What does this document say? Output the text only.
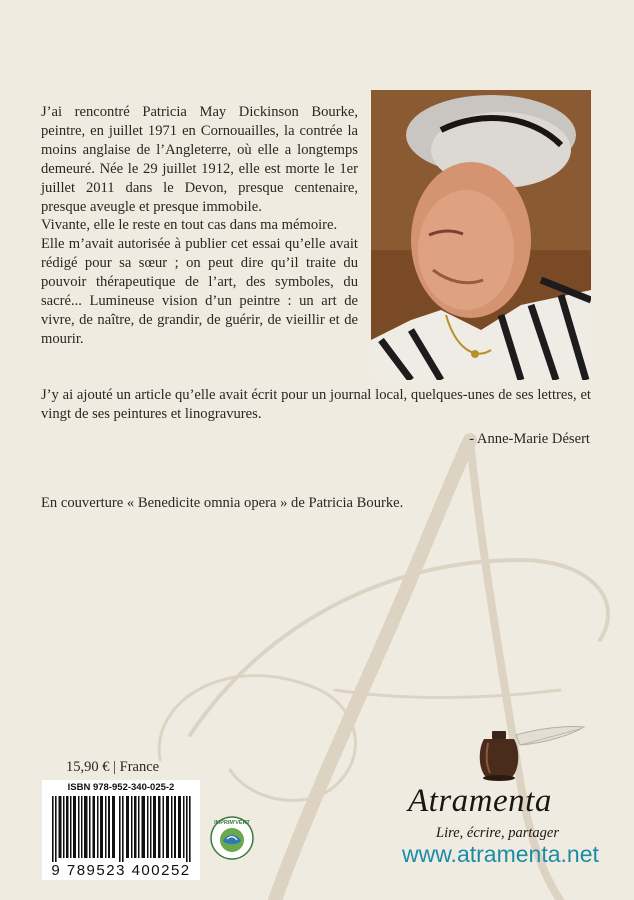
J’ai rencontré Patricia May Dickinson Bourke, peintre, en juillet 1971 en Cornouailles, la contrée la moins anglaise de l’Angleterre, où elle a longtemps demeuré. Née le 29 juillet 1912, elle est morte le 1er juillet 2011 dans le Devon, presque centenaire, presque aveugle et presque immobile.

Vivante, elle le reste en tout cas dans ma mémoire.

Elle m’avait autorisée à publier cet essai qu’elle avait rédigé pour sa sœur ; on peut dire qu’il traite du pouvoir thérapeutique de l’art, des symboles, du sacré... Lumineuse vision d’un peintre : un art de vivre, de naître, de grandir, de guérir, de vieillir et de mourir.

J’y ai ajouté un article qu’elle avait écrit pour un journal local, quelques-unes de ses lettres, et vingt de ses peintures et linogravures.
- Anne-Marie Désert
En couverture « Benedicite omnia opera » de Patricia Bourke.
15,90 € | France
ISBN 978-952-340-025-2
9 789523 400252
IMPRIM'VERT
Atramenta
Lire, écrire, partager
www.atramenta.net
